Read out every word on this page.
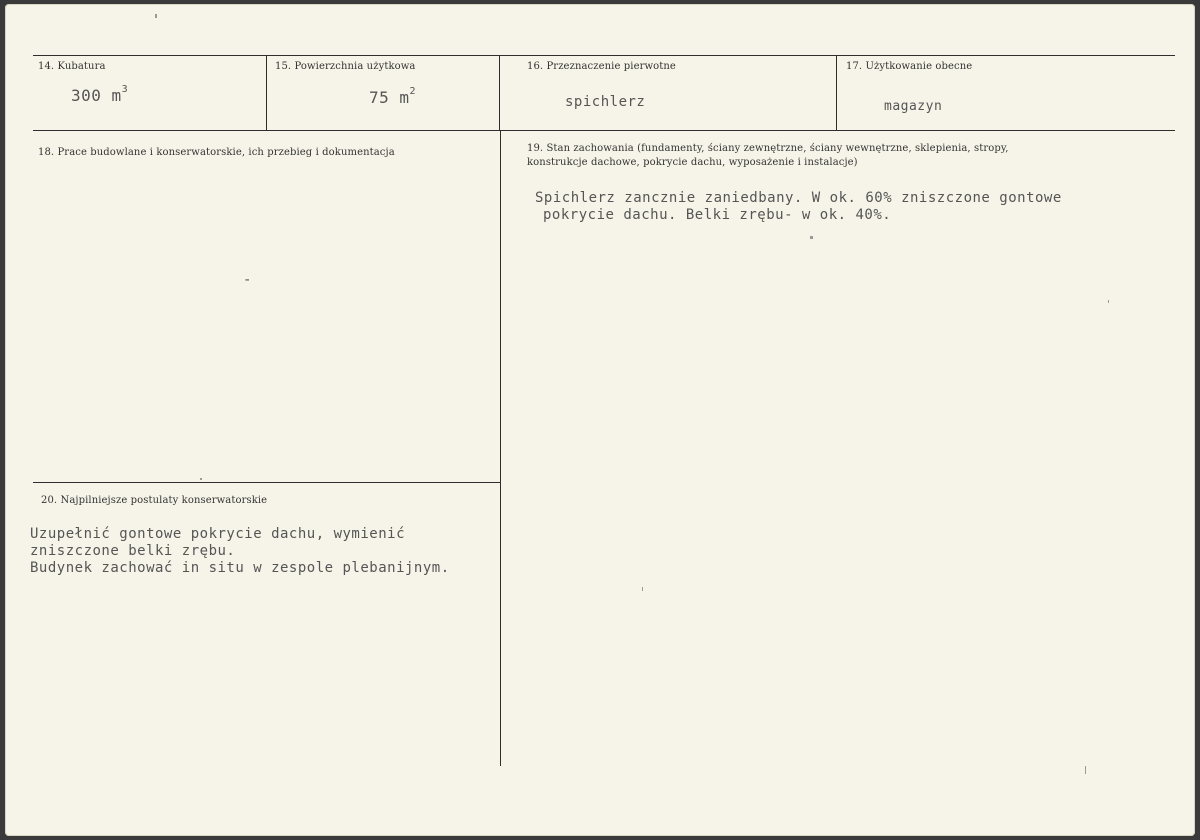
14. Kubatura
300 $m^3$
15. Powierzchnia użytkowa
75 $m^2$
16. Przeznaczenie pierwotne
spichlerz
17. Użytkowanie obecne
magazyn
18. Prace budowlane i konserwatorskie, ich przebieg i dokumentacja
-
19. Stan zachowania (fundamenty, ściany zewnętrzne, ściany wewnętrzne, sklepienia, stropy,
konstrukcje dachowe, pokrycie dachu, wyposażenie i instalacje)
Spichlerz zancznie zaniedbany. W ok. 60% zniszczone gontowe
pokrycie dachu. Belki zrębu- w ok. 40%.
20. Najpilniejsze postulaty konserwatorskie
Uzupełnić gontowe pokrycie dachu, wymienić
zniszczone belki zrębu.
Budynek zachować in situ w zespole plebanijnym.
